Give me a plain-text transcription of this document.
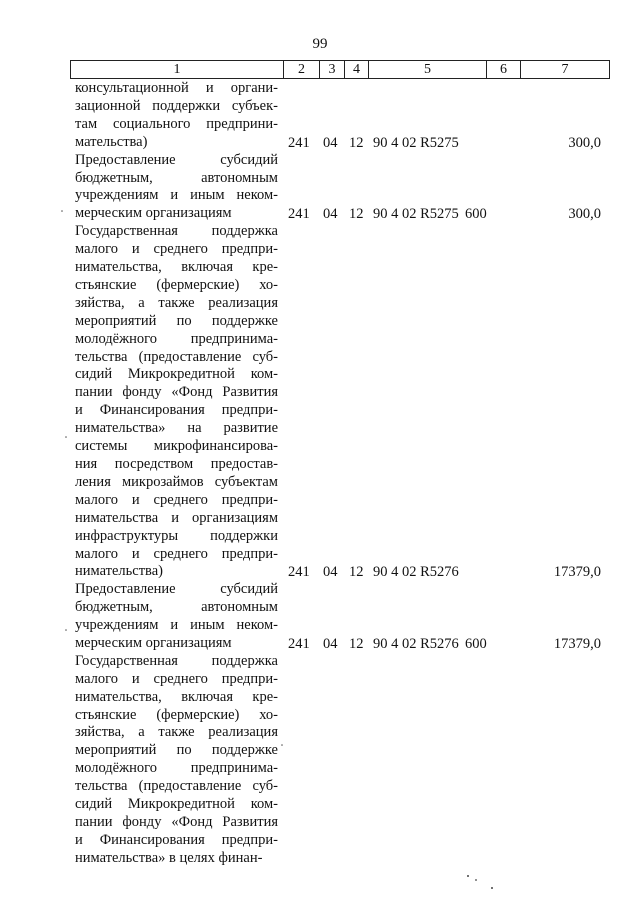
99
1	2	3	4	5	6	7
консультационной и органи-
зационной поддержки субъек-
там социального предприни-
мательства)	241 04 12 90 4 02 R5275	300,0
Предоставление субсидий
бюджетным, автономным
учреждениям и иным неком-
мерческим организациям	241 04 12 90 4 02 R5275 600	300,0
Государственная поддержка
малого и среднего предпри-
нимательства, включая кре-
стьянские (фермерские) хо-
зяйства, а также реализация
мероприятий по поддержке
молодёжного предпринима-
тельства (предоставление суб-
сидий Микрокредитной ком-
пании фонду «Фонд Развития
и Финансирования предпри-
нимательства» на развитие
системы микрофинансирова-
ния посредством предостав-
ления микрозаймов субъектам
малого и среднего предпри-
нимательства и организациям
инфраструктуры поддержки
малого и среднего предпри-
нимательства)	241 04 12 90 4 02 R5276	17379,0
Предоставление субсидий
бюджетным, автономным
учреждениям и иным неком-
мерческим организациям	241 04 12 90 4 02 R5276 600	17379,0
Государственная поддержка
малого и среднего предпри-
нимательства, включая кре-
стьянские (фермерские) хо-
зяйства, а также реализация
мероприятий по поддержке
молодёжного предпринима-
тельства (предоставление суб-
сидий Микрокредитной ком-
пании фонду «Фонд Развития
и Финансирования предпри-
нимательства» в целях финан-
